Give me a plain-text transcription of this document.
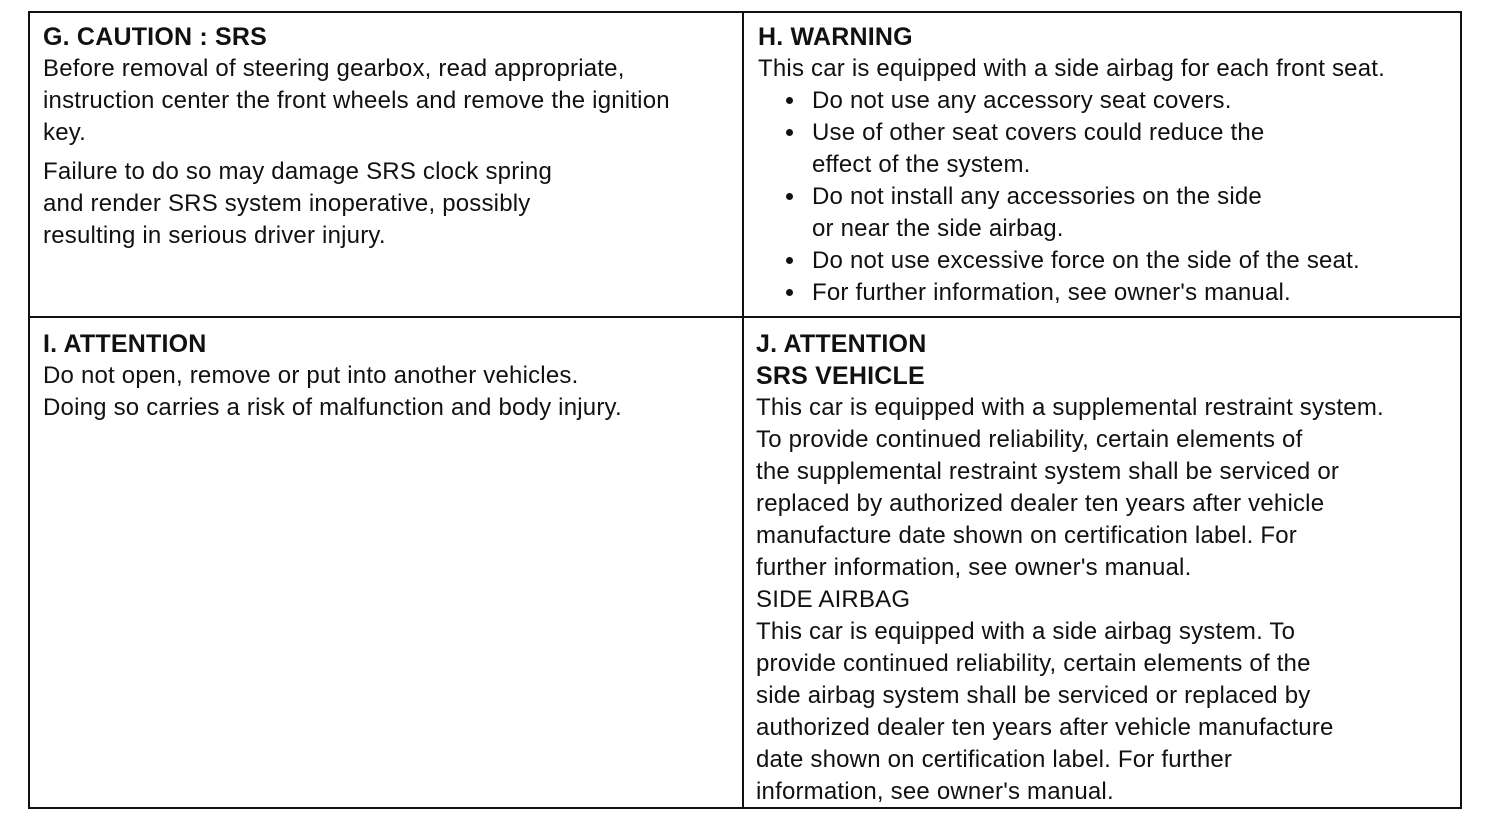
G. CAUTION : SRS

Before removal of steering gearbox, read appropriate,

instruction center the front wheels and remove the ignition

key.

Failure to do so may damage SRS clock spring

and render SRS system inoperative, possibly

resulting in serious driver injury.

H. WARNING

This car is equipped with a side airbag for each front seat.

Do not use any accessory seat covers.

Use of other seat covers could reduce the

effect of the system.

Do not install any accessories on the side

or near the side airbag.

Do not use excessive force on the side of the seat.

For further information, see owner's manual.

I. ATTENTION

Do not open, remove or put into another vehicles.

Doing so carries a risk of malfunction and body injury.

J. ATTENTION

SRS VEHICLE

This car is equipped with a supplemental restraint system.

To provide continued reliability, certain elements of

the supplemental restraint system shall be serviced or

replaced by authorized dealer ten years after vehicle

manufacture date shown on certification label. For

further information, see owner's manual.

SIDE AIRBAG

This car is equipped with a side airbag system. To

provide continued reliability, certain elements of the

side airbag system shall be serviced or replaced by

authorized dealer ten years after vehicle manufacture

date shown on certification label. For further

information, see owner's manual.
